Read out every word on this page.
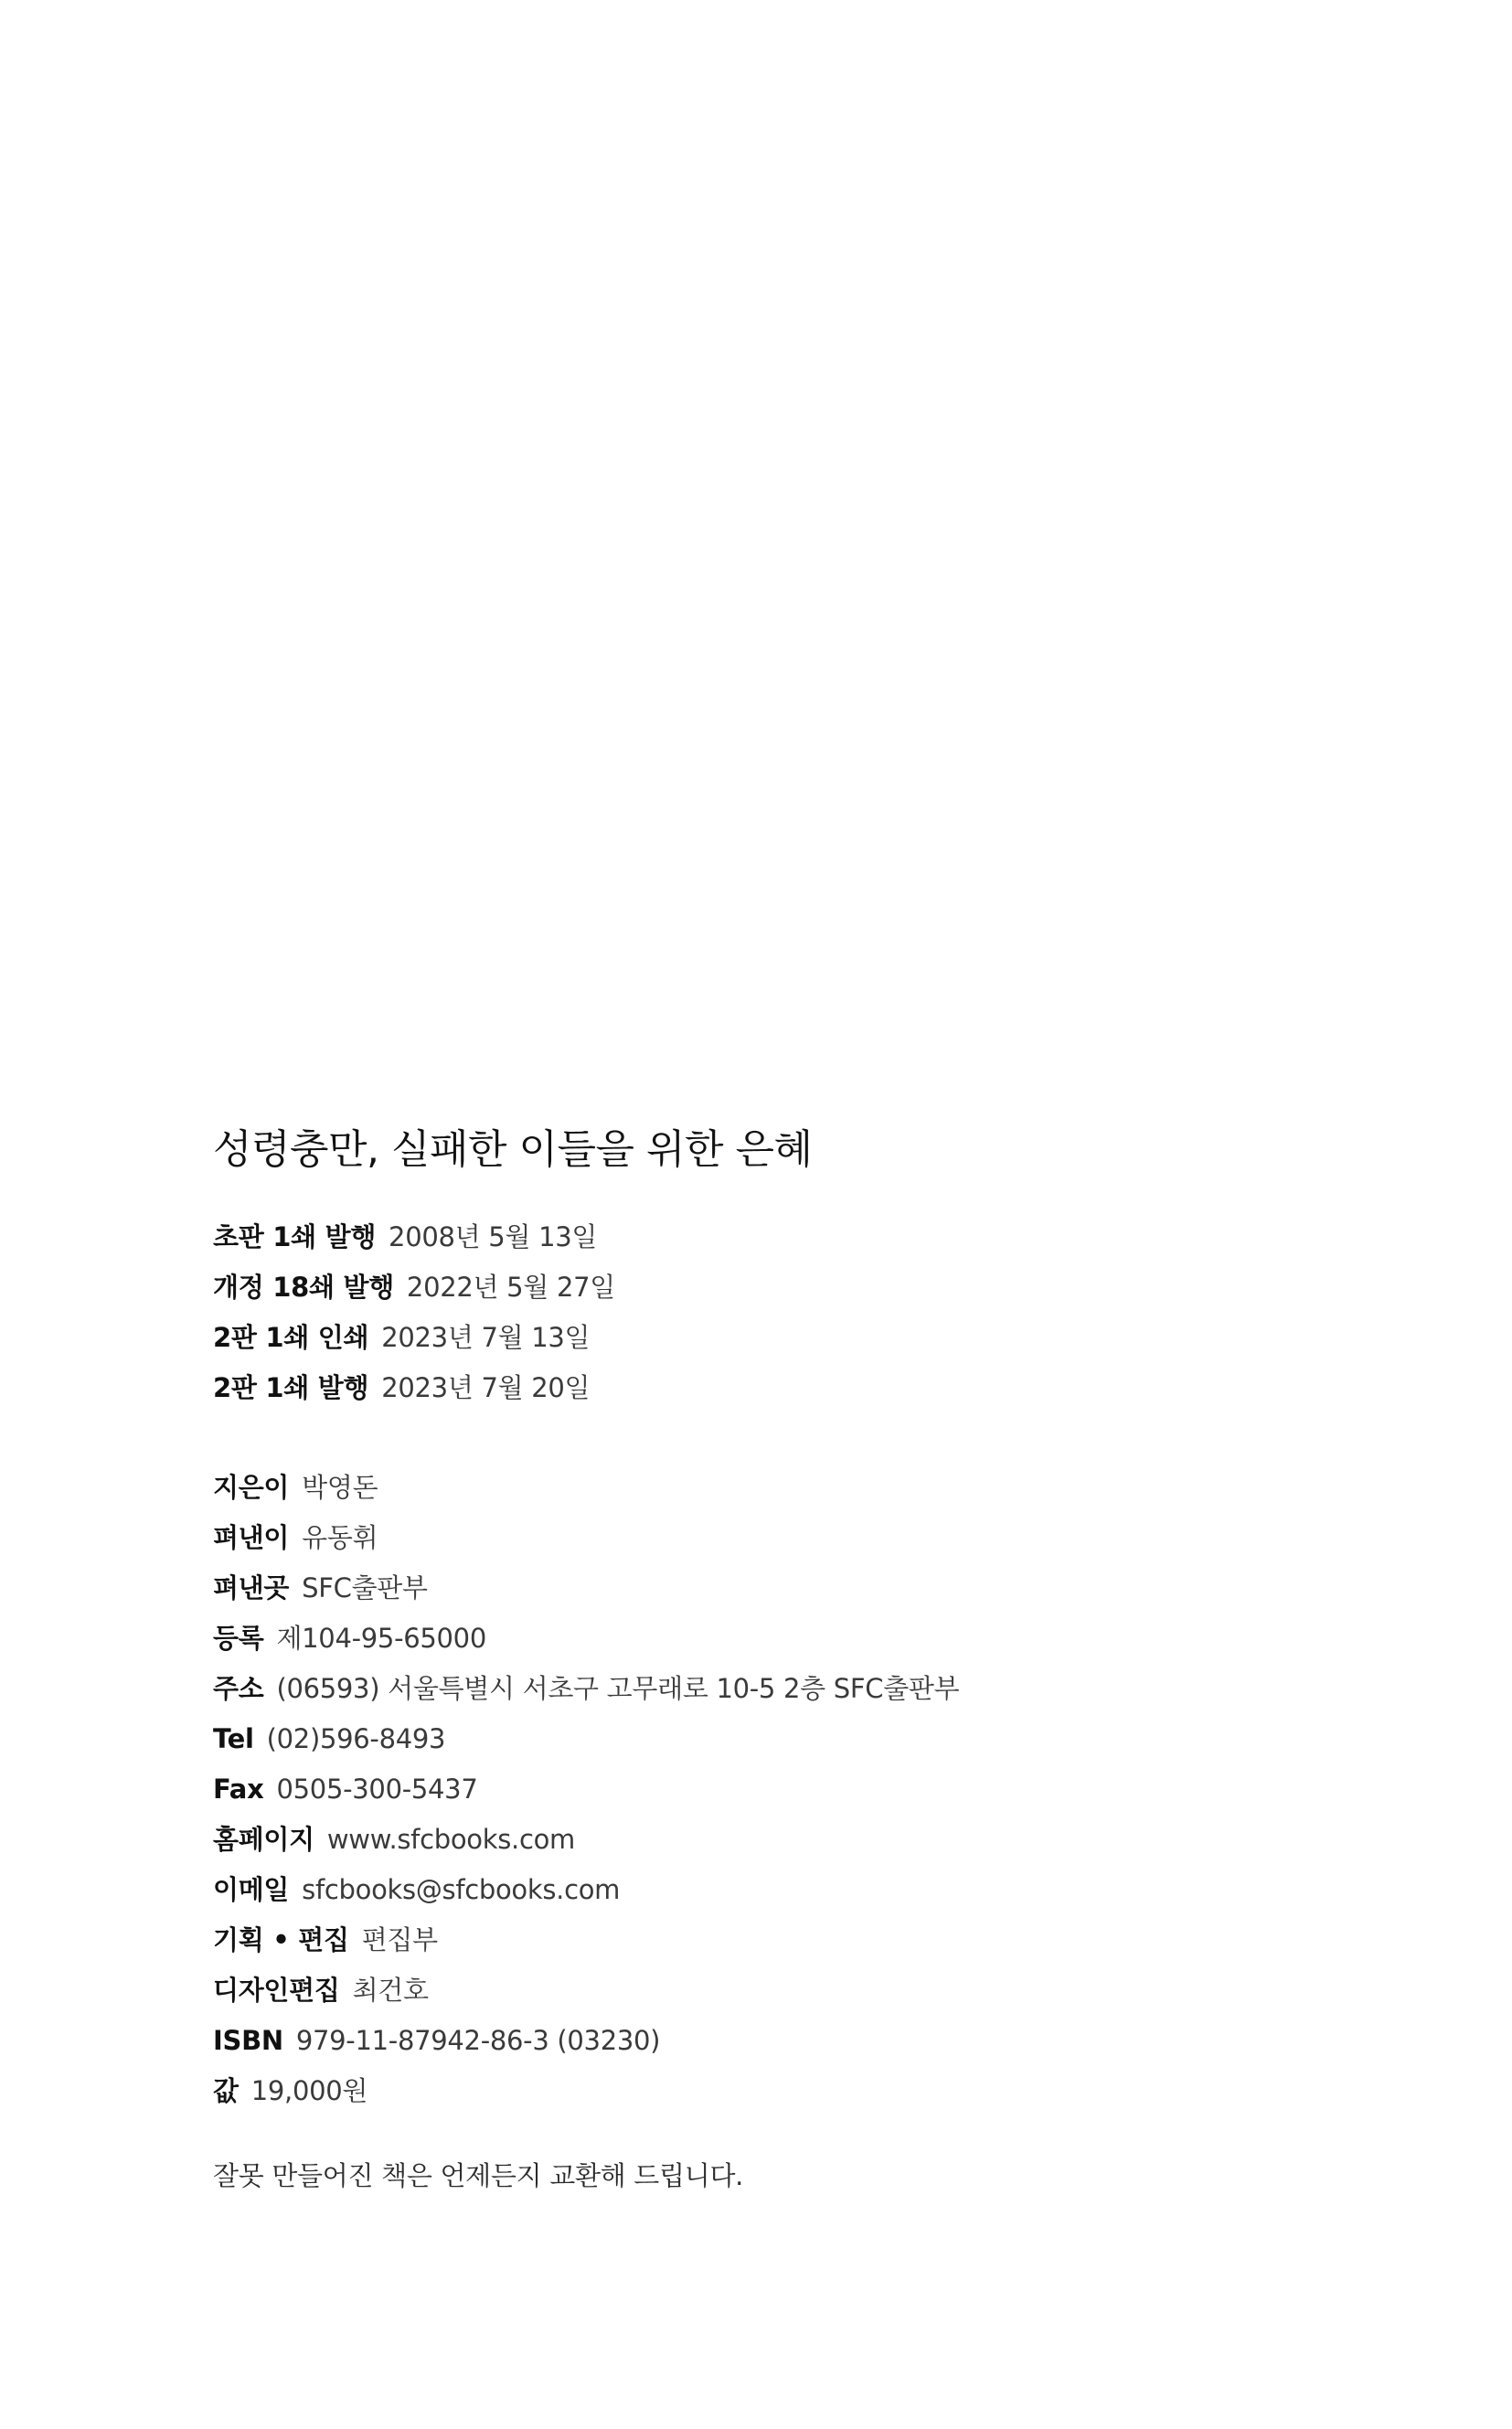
성령충만, 실패한 이들을 위한 은혜
초판 1쇄 발행 2008년 5월 13일
개정 18쇄 발행 2022년 5월 27일
2판 1쇄 인쇄 2023년 7월 13일
2판 1쇄 발행 2023년 7월 20일
지은이 박영돈
펴낸이 유동휘
펴낸곳 SFC출판부
등록 제104-95-65000
주소 (06593) 서울특별시 서초구 고무래로 10-5 2층 SFC출판부
Tel (02)596-8493
Fax 0505-300-5437
홈페이지 www.sfcbooks.com
이메일 sfcbooks@sfcbooks.com
기획 • 편집 편집부
디자인편집 최건호
ISBN 979-11-87942-86-3 (03230)
값 19,000원
잘못 만들어진 책은 언제든지 교환해 드립니다.
